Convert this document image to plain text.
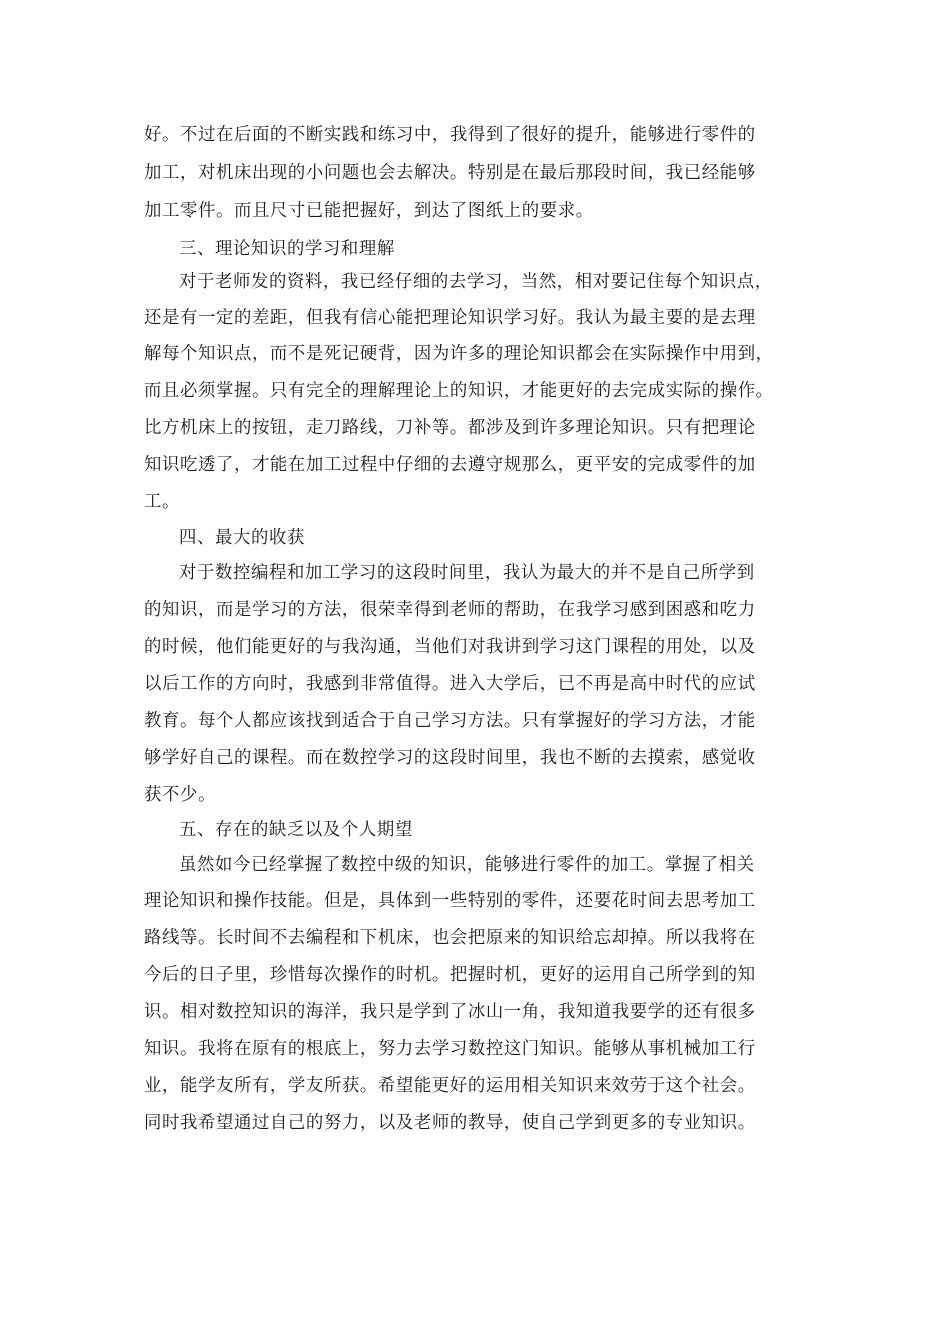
好。不过在后面的不断实践和练习中，我得到了很好的提升，能够进行零件的
加工，对机床出现的小问题也会去解决。特别是在最后那段时间，我已经能够
加工零件。而且尺寸已能把握好，到达了图纸上的要求。
三、理论知识的学习和理解
对于老师发的资料，我已经仔细的去学习，当然，相对要记住每个知识点，
还是有一定的差距，但我有信心能把理论知识学习好。我认为最主要的是去理
解每个知识点，而不是死记硬背，因为许多的理论知识都会在实际操作中用到，
而且必须掌握。只有完全的理解理论上的知识，才能更好的去完成实际的操作。
比方机床上的按钮，走刀路线，刀补等。都涉及到许多理论知识。只有把理论
知识吃透了，才能在加工过程中仔细的去遵守规那么，更平安的完成零件的加
工。
四、最大的收获
对于数控编程和加工学习的这段时间里，我认为最大的并不是自己所学到
的知识，而是学习的方法，很荣幸得到老师的帮助，在我学习感到困惑和吃力
的时候，他们能更好的与我沟通，当他们对我讲到学习这门课程的用处，以及
以后工作的方向时，我感到非常值得。进入大学后，已不再是高中时代的应试
教育。每个人都应该找到适合于自己学习方法。只有掌握好的学习方法，才能
够学好自己的课程。而在数控学习的这段时间里，我也不断的去摸索，感觉收
获不少。
五、存在的缺乏以及个人期望
虽然如今已经掌握了数控中级的知识，能够进行零件的加工。掌握了相关
理论知识和操作技能。但是，具体到一些特别的零件，还要花时间去思考加工
路线等。长时间不去编程和下机床，也会把原来的知识给忘却掉。所以我将在
今后的日子里，珍惜每次操作的时机。把握时机，更好的运用自己所学到的知
识。相对数控知识的海洋，我只是学到了冰山一角，我知道我要学的还有很多
知识。我将在原有的根底上，努力去学习数控这门知识。能够从事机械加工行
业，能学友所有，学友所获。希望能更好的运用相关知识来效劳于这个社会。
同时我希望通过自己的努力，以及老师的教导，使自己学到更多的专业知识。
